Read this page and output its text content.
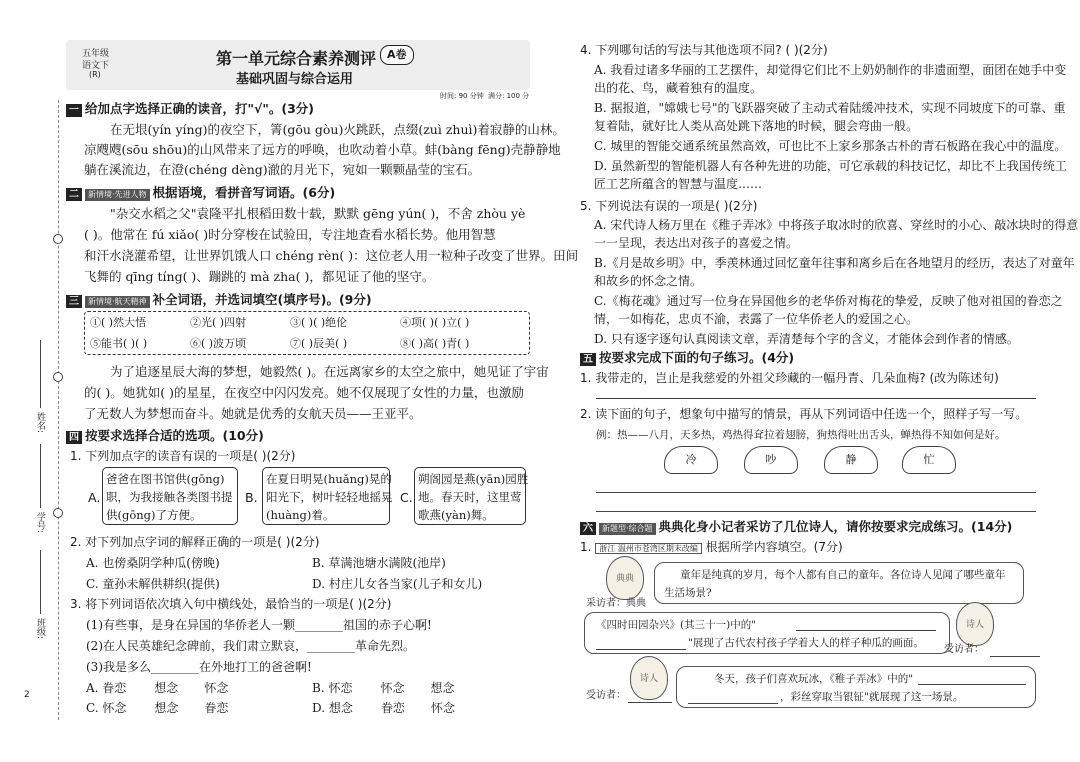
五年级
语文下
(R)
第一单元综合素养测评 A卷
基础巩固与综合运用
时间: 90 分钟 满分: 100 分
姓名:
学号:
班级:
2
一 给加点字选择正确的读音，打"√"。(3分)
在无垠(yín yíng)的夜空下，箐(gōu gòu)火跳跃，点缀(zuì zhuì)着寂静的山林。
凉飕飕(sōu shōu)的山风带来了远方的呼唤，也吹动着小草。蚌(bàng fēng)壳静静地
躺在溪流边，在澄(chéng dèng)澈的月光下，宛如一颗颗晶莹的宝石。
二 新情境·先进人物 根据语境，看拼音写词语。(6分)
"杂交水稻之父"袁隆平扎根稻田数十载，默默 gēng yún( )，不舍 zhòu yè
( )。他常在 fú xiǎo( )时分穿梭在试验田，专注地查看水稻长势。他用智慧
和汗水浇灌希望，让世界饥饿人口 chéng rèn( )：这位老人用一粒种子改变了世界。田间
飞舞的 qīng tíng( )、蹦跳的 mà zha( )，都见证了他的坚守。
三 新情境·航天精神 补全词语，并选词填空(填序号)。(9分)
①( )然大悟	②光( )四射	③( )( )绝伦	④项( )( )立( )
⑤能书( )( )	⑥( )波万顷	⑦( )辰美( )	⑧( )高( )青( )
为了追逐星辰大海的梦想，她毅然( )。在远离家乡的太空之旅中，她见证了宇宙
的( )。她犹如( )的星星，在夜空中闪闪发亮。她不仅展现了女性的力量，也激励
了无数人为梦想而奋斗。她就是优秀的女航天员——王亚平。
四 按要求选择合适的选项。(10分)
1. 下列加点字的读音有误的一项是( )(2分)
A.
爸爸在图书馆供(gōng)
职，为我接触各类图书提
供(gōng)了方便。
B.
在夏日明晃(huǎng)晃的
阳光下，树叶轻轻地摇晃
(huàng)着。
C.
朔阁园是燕(yān)园胜
地。春天时，这里莺
歌燕(yàn)舞。
2. 对下列加点字词的解释正确的一项是( )(2分)
A. 也傍桑阴学种瓜(傍晚)	B. 草满池塘水满陂(池岸)
C. 童孙未解供耕织(提供)	D. 村庄儿女各当家(儿子和女儿)
3. 将下列词语依次填入句中横线处，最恰当的一项是( )(2分)
(1)有些事，是身在异国的华侨老人一颗________祖国的赤子心啊!
(2)在人民英雄纪念碑前，我们肃立默哀，________革命先烈。
(3)我是多么________在外地打工的爸爸啊!
A. 眷恋 想念 怀念	B. 怀恋 怀念 想念
C. 怀念 想念 眷恋	D. 想念 眷恋 怀念
4. 下列哪句话的写法与其他选项不同? ( )(2分)
A. 我看过诸多华丽的工艺摆件，却觉得它们比不上奶奶制作的非遗面塑，面团在她手中变
出的花、鸟，藏着独有的温度。
B. 据报道，"嫦娥七号"的飞跃器突破了主动式着陆缓冲技术，实现不同坡度下的可靠、重
复着陆，就好比人类从高处跳下落地的时候，腿会弯曲一般。
C. 城里的智能交通系统虽然高效，可也比不上家乡那条古朴的青石板路在我心中的温度。
D. 虽然新型的智能机器人有各种先进的功能，可它承载的科技记忆，却比不上我国传统工
匠工艺所蕴含的智慧与温度……
5. 下列说法有误的一项是( )(2分)
A. 宋代诗人杨万里在《稚子弄冰》中将孩子取冰时的欣喜、穿丝时的小心、敲冰块时的得意
一一呈现，表达出对孩子的喜爱之情。
B.《月是故乡明》中，季羡林通过回忆童年往事和离乡后在各地望月的经历，表达了对童年
和故乡的怀念之情。
C.《梅花魂》通过写一位身在异国他乡的老华侨对梅花的挚爱，反映了他对祖国的眷恋之
情，一如梅花，忠贞不渝，表露了一位华侨老人的爱国之心。
D. 只有逐字逐句认真阅读文章，弄清楚每个字的含义，才能体会到作者的情感。
五 按要求完成下面的句子练习。(4分)
1. 我带走的，岂止是我慈爱的外祖父珍藏的一幅丹青、几朵血梅? (改为陈述句)
2. 读下面的句子，想象句中描写的情景，再从下列词语中任选一个，照样子写一写。
例：热——八月，天多热，鸡热得耷拉着翅膀，狗热得吐出舌头，蝉热得不知如何是好。
冷	吵	静	忙
六 新题型·综合题 典典化身小记者采访了几位诗人，请你按要求完成练习。(14分)
1. 浙江 温州市苍湾区期末改编 根据所学内容填空。(7分)
典典
采访者：典典
童年是纯真的岁月，每个人都有自己的童年。各位诗人见闻了哪些童年
生活场景?
《四时田园杂兴》(其三十一)中的"
"展现了古代农村孩子学着大人的样子种瓜的画面。
诗人
受访者：
诗人
受访者：
冬天，孩子们喜欢玩冰，《稚子弄冰》中的"
，彩丝穿取当银钲"就展现了这一场景。
